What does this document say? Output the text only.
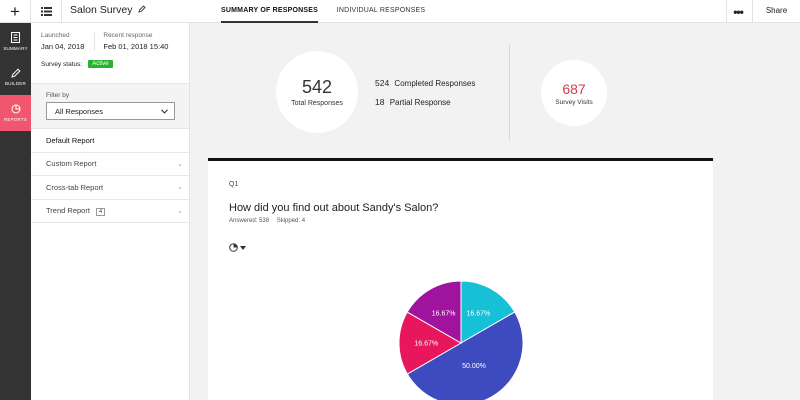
+	Salon Survey	SUMMARY OF RESPONSES	INDIVIDUAL RESPONSES	•••	Share
SUMMARY
BUILDER
REPORTS
Launched
Jan 04, 2018
Recent response
Feb 01, 2018 15:40
Survey status:	Active
Filter by
All Responses
Default Report
Custom Report	⌄
Cross-tab Report	⌄
Trend Report 4	⌄
542
Total Responses
524 Completed Responses
18 Partial Response
687
Survey Visits
Q1
How did you find out about Sandy's Salon?
Answered: 538 Skipped: 4
16.67%
50.00%
16.67%
16.67%
